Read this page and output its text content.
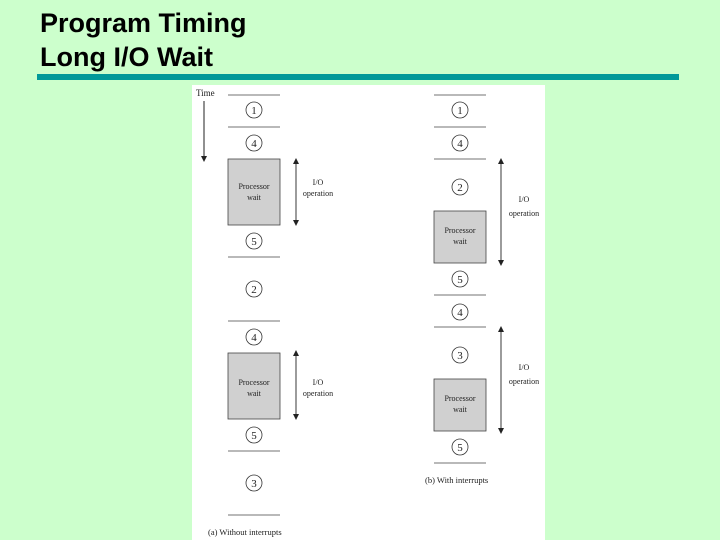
Program Timing
Long I/O Wait
Time
1
4
Processor
wait
5
2
4
Processor
wait
5
3
I/O
operation
I/O
operation
(a) Without interrupts
1
4
2
Processor
wait
5
4
3
Processor
wait
5
I/O
operation
I/O
operation
(b) With interrupts
